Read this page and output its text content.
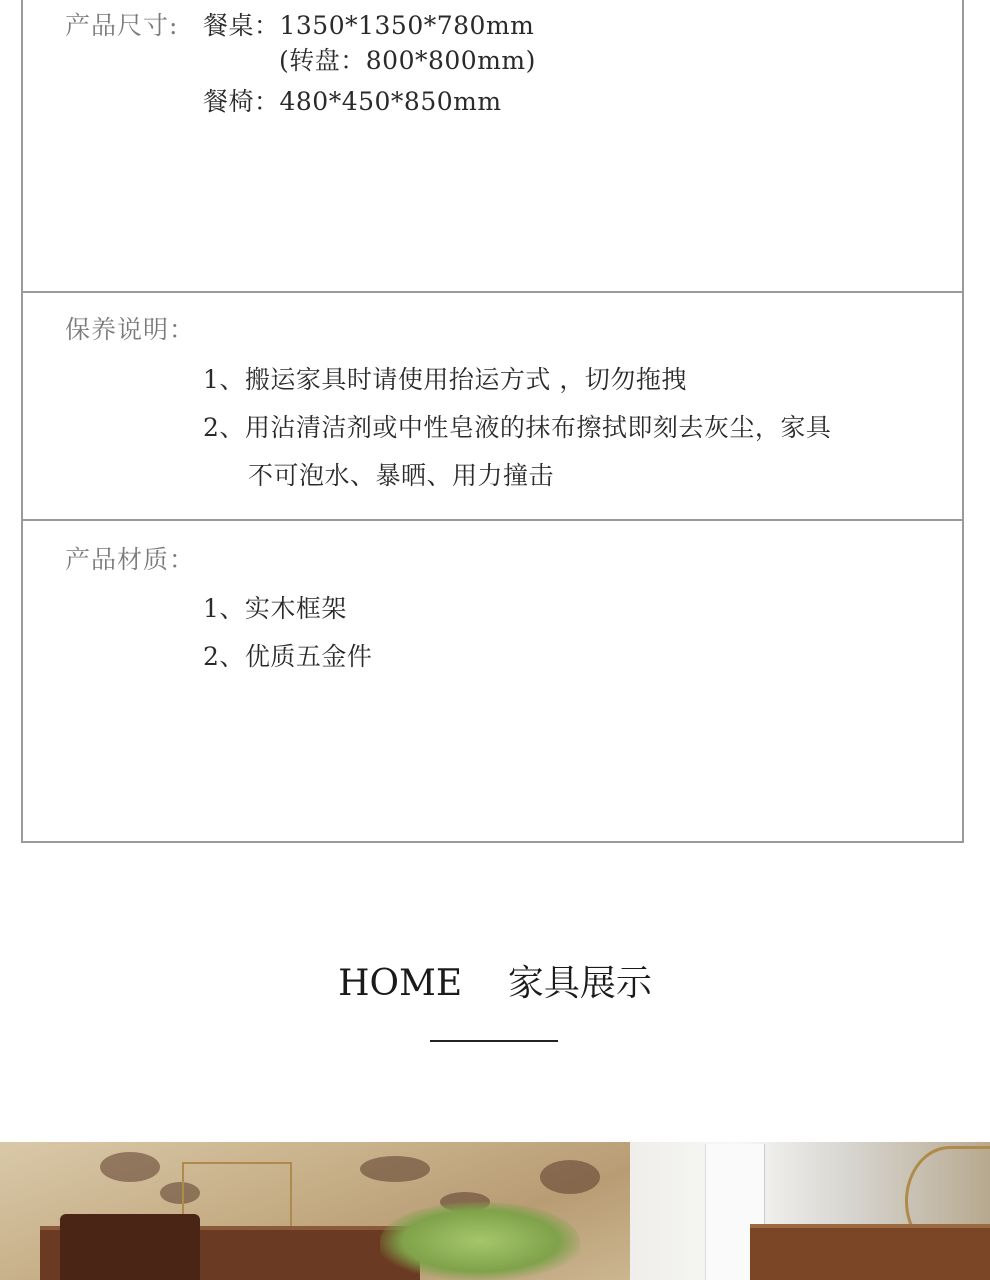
产品尺寸: 餐桌：1350*1350*780mm
(转盘：800*800mm)
餐椅：480*450*850mm
保养说明：
1、搬运家具时请使用抬运方式 ，切勿拖拽
2、用沾清洁剂或中性皂液的抹布擦拭即刻去灰尘，家具
不可泡水、暴晒、用力撞击
产品材质：
1、实木框架
2、优质五金件
HOME    家具展示
